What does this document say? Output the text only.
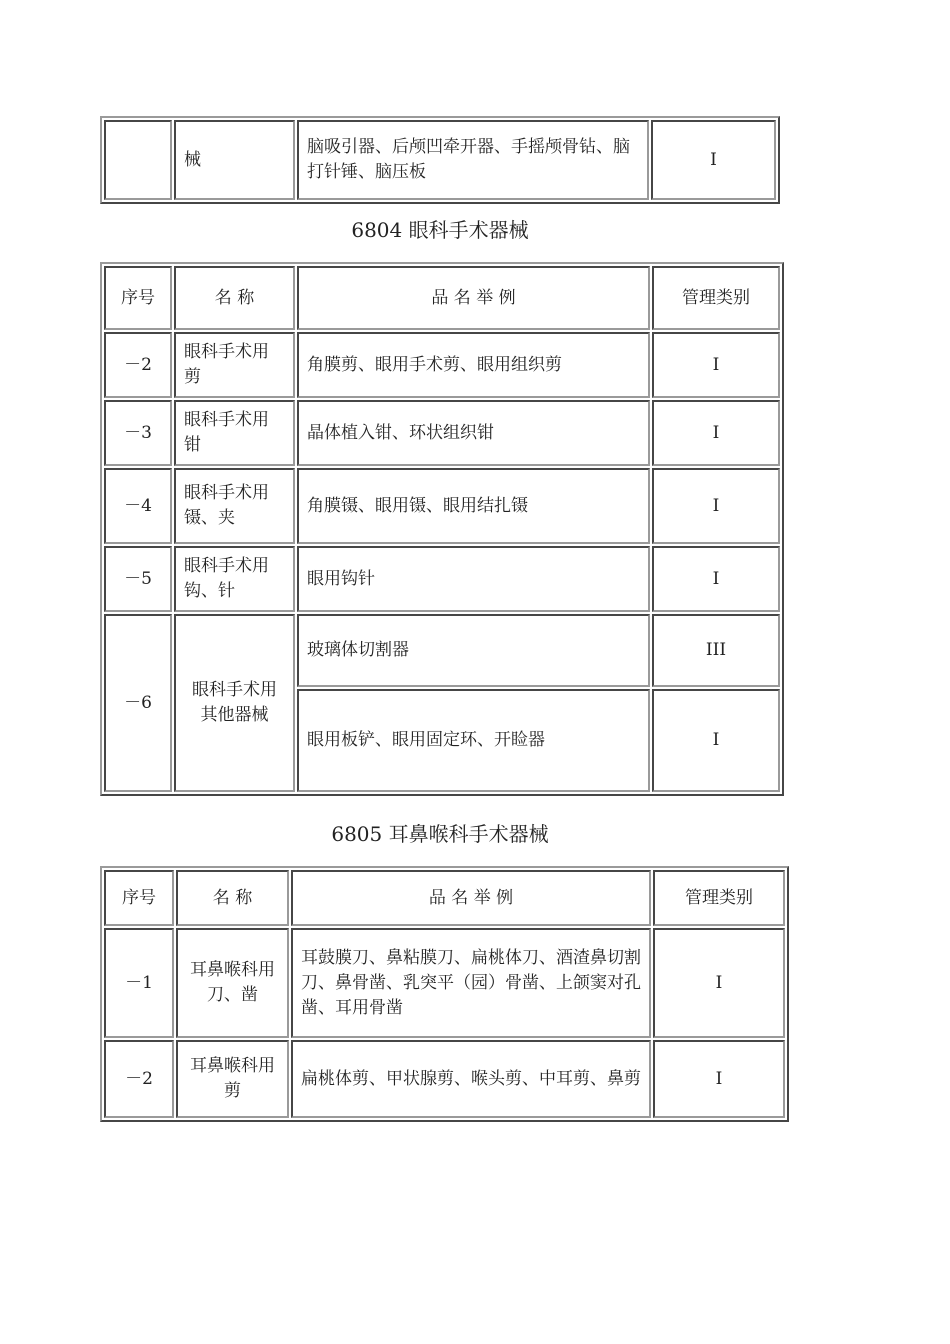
	械	脑吸引器、后颅凹牵开器、手摇颅骨钻、脑打针锤、脑压板	I
6804 眼科手术器械
序号	名 称	品 名 举 例	管理类别
－2	眼科手术用剪	角膜剪、眼用手术剪、眼用组织剪	I
－3	眼科手术用钳	晶体植入钳、环状组织钳	I
－4	眼科手术用镊、夹	角膜镊、眼用镊、眼用结扎镊	I
－5	眼科手术用钩、针	眼用钩针	I
－6	眼科手术用其他器械	玻璃体切割器	III
		眼用板铲、眼用固定环、开睑器	I
6805 耳鼻喉科手术器械
序号	名 称	品 名 举 例	管理类别
－1	耳鼻喉科用刀、凿	耳鼓膜刀、鼻粘膜刀、扁桃体刀、酒渣鼻切割刀、鼻骨凿、乳突平（园）骨凿、上颌窦对孔凿、耳用骨凿	I
－2	耳鼻喉科用剪	扁桃体剪、甲状腺剪、喉头剪、中耳剪、鼻剪	I
